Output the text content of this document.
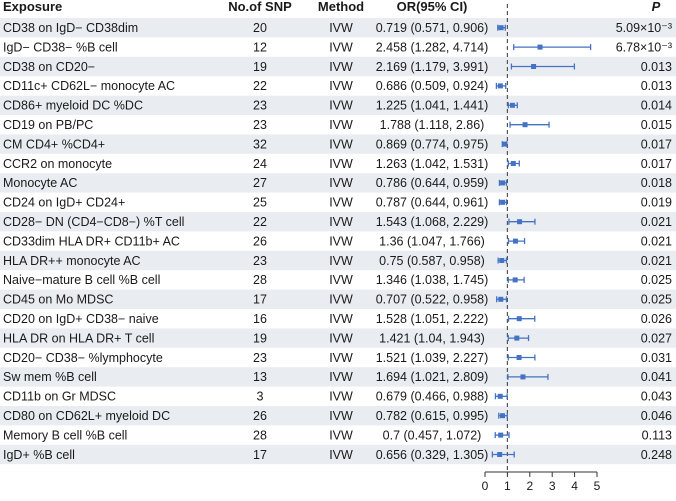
Exposure	No.of SNP Method OR(95% CI)	P
CD38 on IgD− CD38dim	20	IVW 0.719 (0.571, 0.906)	5.09×10⁻³
IgD− CD38− %B cell	12	IVW 2.458 (1.282, 4.714)	6.78×10⁻³
CD38 on CD20−	19	IVW 2.169 (1.179, 3.991)	0.013
CD11c+ CD62L− monocyte AC	22	IVW 0.686 (0.509, 0.924)	0.013
CD86+ myeloid DC %DC	23	IVW 1.225 (1.041, 1.441)	0.014
CD19 on PB/PC	23	IVW 1.788 (1.118, 2.86)	0.015
CM CD4+ %CD4+	32	IVW 0.869 (0.774, 0.975)	0.017
CCR2 on monocyte	24	IVW 1.263 (1.042, 1.531)	0.017
Monocyte AC	27	IVW 0.786 (0.644, 0.959)	0.018
CD24 on IgD+ CD24+	25	IVW 0.787 (0.644, 0.961)	0.019
CD28− DN (CD4−CD8−) %T cell	22	IVW 1.543 (1.068, 2.229)	0.021
CD33dim HLA DR+ CD11b+ AC	26	IVW 1.36 (1.047, 1.766)	0.021
HLA DR++ monocyte AC	23	IVW 0.75 (0.587, 0.958)	0.021
Naive−mature B cell %B cell	28	IVW 1.346 (1.038, 1.745)	0.025
CD45 on Mo MDSC	17	IVW 0.707 (0.522, 0.958)	0.025
CD20 on IgD+ CD38− naive	16	IVW 1.528 (1.051, 2.222)	0.026
HLA DR on HLA DR+ T cell	19	IVW 1.421 (1.04, 1.943)	0.027
CD20− CD38− %lymphocyte	23	IVW 1.521 (1.039, 2.227)	0.031
Sw mem %B cell	13	IVW 1.694 (1.021, 2.809)	0.041
CD11b on Gr MDSC	3	IVW 0.679 (0.466, 0.988)	0.043
CD80 on CD62L+ myeloid DC	26	IVW 0.782 (0.615, 0.995)	0.046
Memory B cell %B cell	28	IVW 0.7 (0.457, 1.072)	0.113
IgD+ %B cell	17	IVW 0.656 (0.329, 1.305)	0.248
0 1 2 3 4 5
